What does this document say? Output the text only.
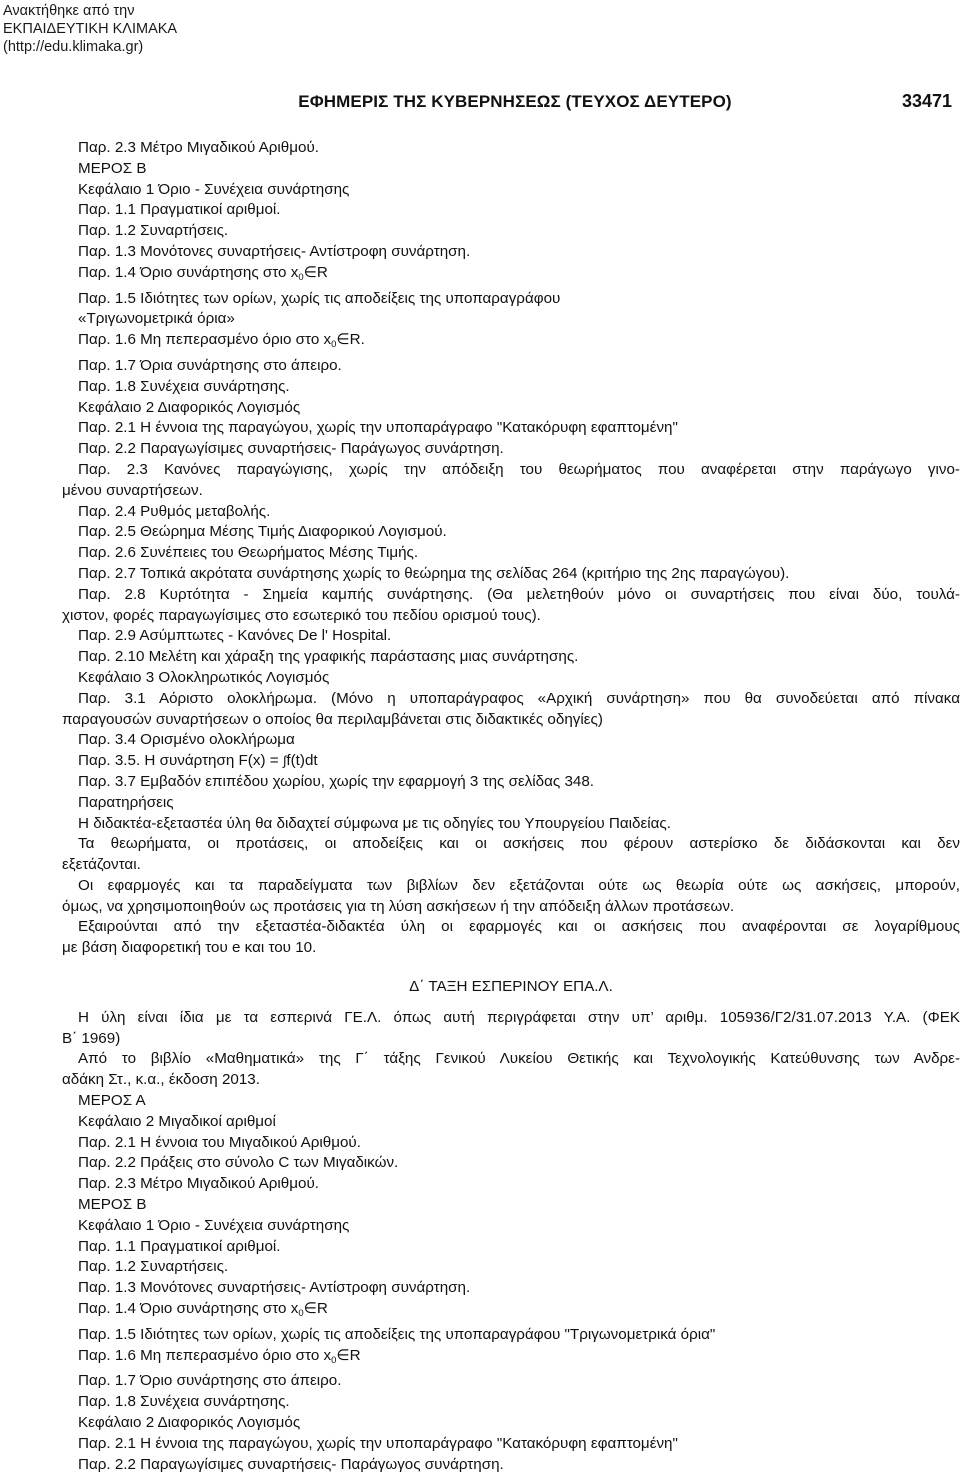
Ανακτήθηκε από την
ΕΚΠΑΙΔΕΥΤΙΚΗ ΚΛΙΜΑΚΑ
(http://edu.klimaka.gr)
ΕΦΗΜΕΡΙΣ ΤΗΣ ΚΥΒΕΡΝΗΣΕΩΣ (ΤΕΥΧΟΣ ΔΕΥΤΕΡΟ)	33471
Παρ. 2.3 Μέτρο Μιγαδικού Αριθμού.
ΜΕΡΟΣ Β
Κεφάλαιο 1 Όριο - Συνέχεια συνάρτησης
Παρ. 1.1 Πραγματικοί αριθμοί.
Παρ. 1.2 Συναρτήσεις.
Παρ. 1.3 Μονότονες συναρτήσεις- Αντίστροφη συνάρτηση.
Παρ. 1.4 Όριο συνάρτησης στο $x_0\in R$
Παρ. 1.5 Ιδιότητες των ορίων, χωρίς τις αποδείξεις της υποπαραγράφου
«Τριγωνομετρικά όρια»
Παρ. 1.6 Μη πεπερασμένο όριο στο $x_0\in R$.
Παρ. 1.7 Όρια συνάρτησης στο άπειρο.
Παρ. 1.8 Συνέχεια συνάρτησης.
Κεφάλαιο 2 Διαφορικός Λογισμός
Παρ. 2.1 Η έννοια της παραγώγου, χωρίς την υποπαράγραφο "Κατακόρυφη εφαπτομένη"
Παρ. 2.2 Παραγωγίσιμες συναρτήσεις- Παράγωγος συνάρτηση.
Παρ. 2.3 Κανόνες παραγώγισης, χωρίς την απόδειξη του θεωρήματος που αναφέρεται στην παράγωγο γινο-
μένου συναρτήσεων.
Παρ. 2.4 Ρυθμός μεταβολής.
Παρ. 2.5 Θεώρημα Μέσης Τιμής Διαφορικού Λογισμού.
Παρ. 2.6 Συνέπειες του Θεωρήματος Μέσης Τιμής.
Παρ. 2.7 Τοπικά ακρότατα συνάρτησης χωρίς το θεώρημα της σελίδας 264 (κριτήριο της 2ης παραγώγου).
Παρ. 2.8 Κυρτότητα - Σημεία καμπής συνάρτησης. (Θα μελετηθούν μόνο οι συναρτήσεις που είναι δύο, τουλά-
χιστον, φορές παραγωγίσιμες στο εσωτερικό του πεδίου ορισμού τους).
Παρ. 2.9 Ασύμπτωτες - Κανόνες De l' Hospital.
Παρ. 2.10 Μελέτη και χάραξη της γραφικής παράστασης μιας συνάρτησης.
Κεφάλαιο 3 Ολοκληρωτικός Λογισμός
Παρ. 3.1 Αόριστο ολοκλήρωμα. (Μόνο η υποπαράγραφος «Αρχική συνάρτηση» που θα συνοδεύεται από πίνακα
παραγουσών συναρτήσεων ο οποίος θα περιλαμβάνεται στις διδακτικές οδηγίες)
Παρ. 3.4 Ορισμένο ολοκλήρωμα
Παρ. 3.5. Η συνάρτηση F(x) = ∫f(t)dt
Παρ. 3.7 Εμβαδόν επιπέδου χωρίου, χωρίς την εφαρμογή 3 της σελίδας 348.
Παρατηρήσεις
Η διδακτέα-εξεταστέα ύλη θα διδαχτεί σύμφωνα με τις οδηγίες του Υπουργείου Παιδείας.
Τα θεωρήματα, οι προτάσεις, οι αποδείξεις και οι ασκήσεις που φέρουν αστερίσκο δε διδάσκονται και δεν
εξετάζονται.
Οι εφαρμογές και τα παραδείγματα των βιβλίων δεν εξετάζονται ούτε ως θεωρία ούτε ως ασκήσεις, μπορούν,
όμως, να χρησιμοποιηθούν ως προτάσεις για τη λύση ασκήσεων ή την απόδειξη άλλων προτάσεων.
Εξαιρούνται από την εξεταστέα-διδακτέα ύλη οι εφαρμογές και οι ασκήσεις που αναφέρονται σε λογαρίθμους
με βάση διαφορετική του e και του 10.
Δ΄ ΤΑΞΗ ΕΣΠΕΡΙΝΟΥ ΕΠΑ.Λ.
Η ύλη είναι ίδια με τα εσπερινά ΓΕ.Λ. όπως αυτή περιγράφεται στην υπ’ αριθμ. 105936/Γ2/31.07.2013 Υ.Α. (ΦΕΚ
Β΄ 1969)
Από το βιβλίο «Μαθηματικά» της Γ΄ τάξης Γενικού Λυκείου Θετικής και Τεχνολογικής Κατεύθυνσης των Ανδρε-
αδάκη Στ., κ.α., έκδοση 2013.
ΜΕΡΟΣ Α
Κεφάλαιο 2 Μιγαδικοί αριθμοί
Παρ. 2.1 Η έννοια του Μιγαδικού Αριθμού.
Παρ. 2.2 Πράξεις στο σύνολο C των Μιγαδικών.
Παρ. 2.3 Μέτρο Μιγαδικού Αριθμού.
ΜΕΡΟΣ Β
Κεφάλαιο 1 Όριο - Συνέχεια συνάρτησης
Παρ. 1.1 Πραγματικοί αριθμοί.
Παρ. 1.2 Συναρτήσεις.
Παρ. 1.3 Μονότονες συναρτήσεις- Αντίστροφη συνάρτηση.
Παρ. 1.4 Όριο συνάρτησης στο $x_0\in R$
Παρ. 1.5 Ιδιότητες των ορίων, χωρίς τις αποδείξεις της υποπαραγράφου "Τριγωνομετρικά όρια"
Παρ. 1.6 Μη πεπερασμένο όριο στο $x_0\in R$
Παρ. 1.7 Όριο συνάρτησης στο άπειρο.
Παρ. 1.8 Συνέχεια συνάρτησης.
Κεφάλαιο 2 Διαφορικός Λογισμός
Παρ. 2.1 Η έννοια της παραγώγου, χωρίς την υποπαράγραφο "Κατακόρυφη εφαπτομένη"
Παρ. 2.2 Παραγωγίσιμες συναρτήσεις- Παράγωγος συνάρτηση.
